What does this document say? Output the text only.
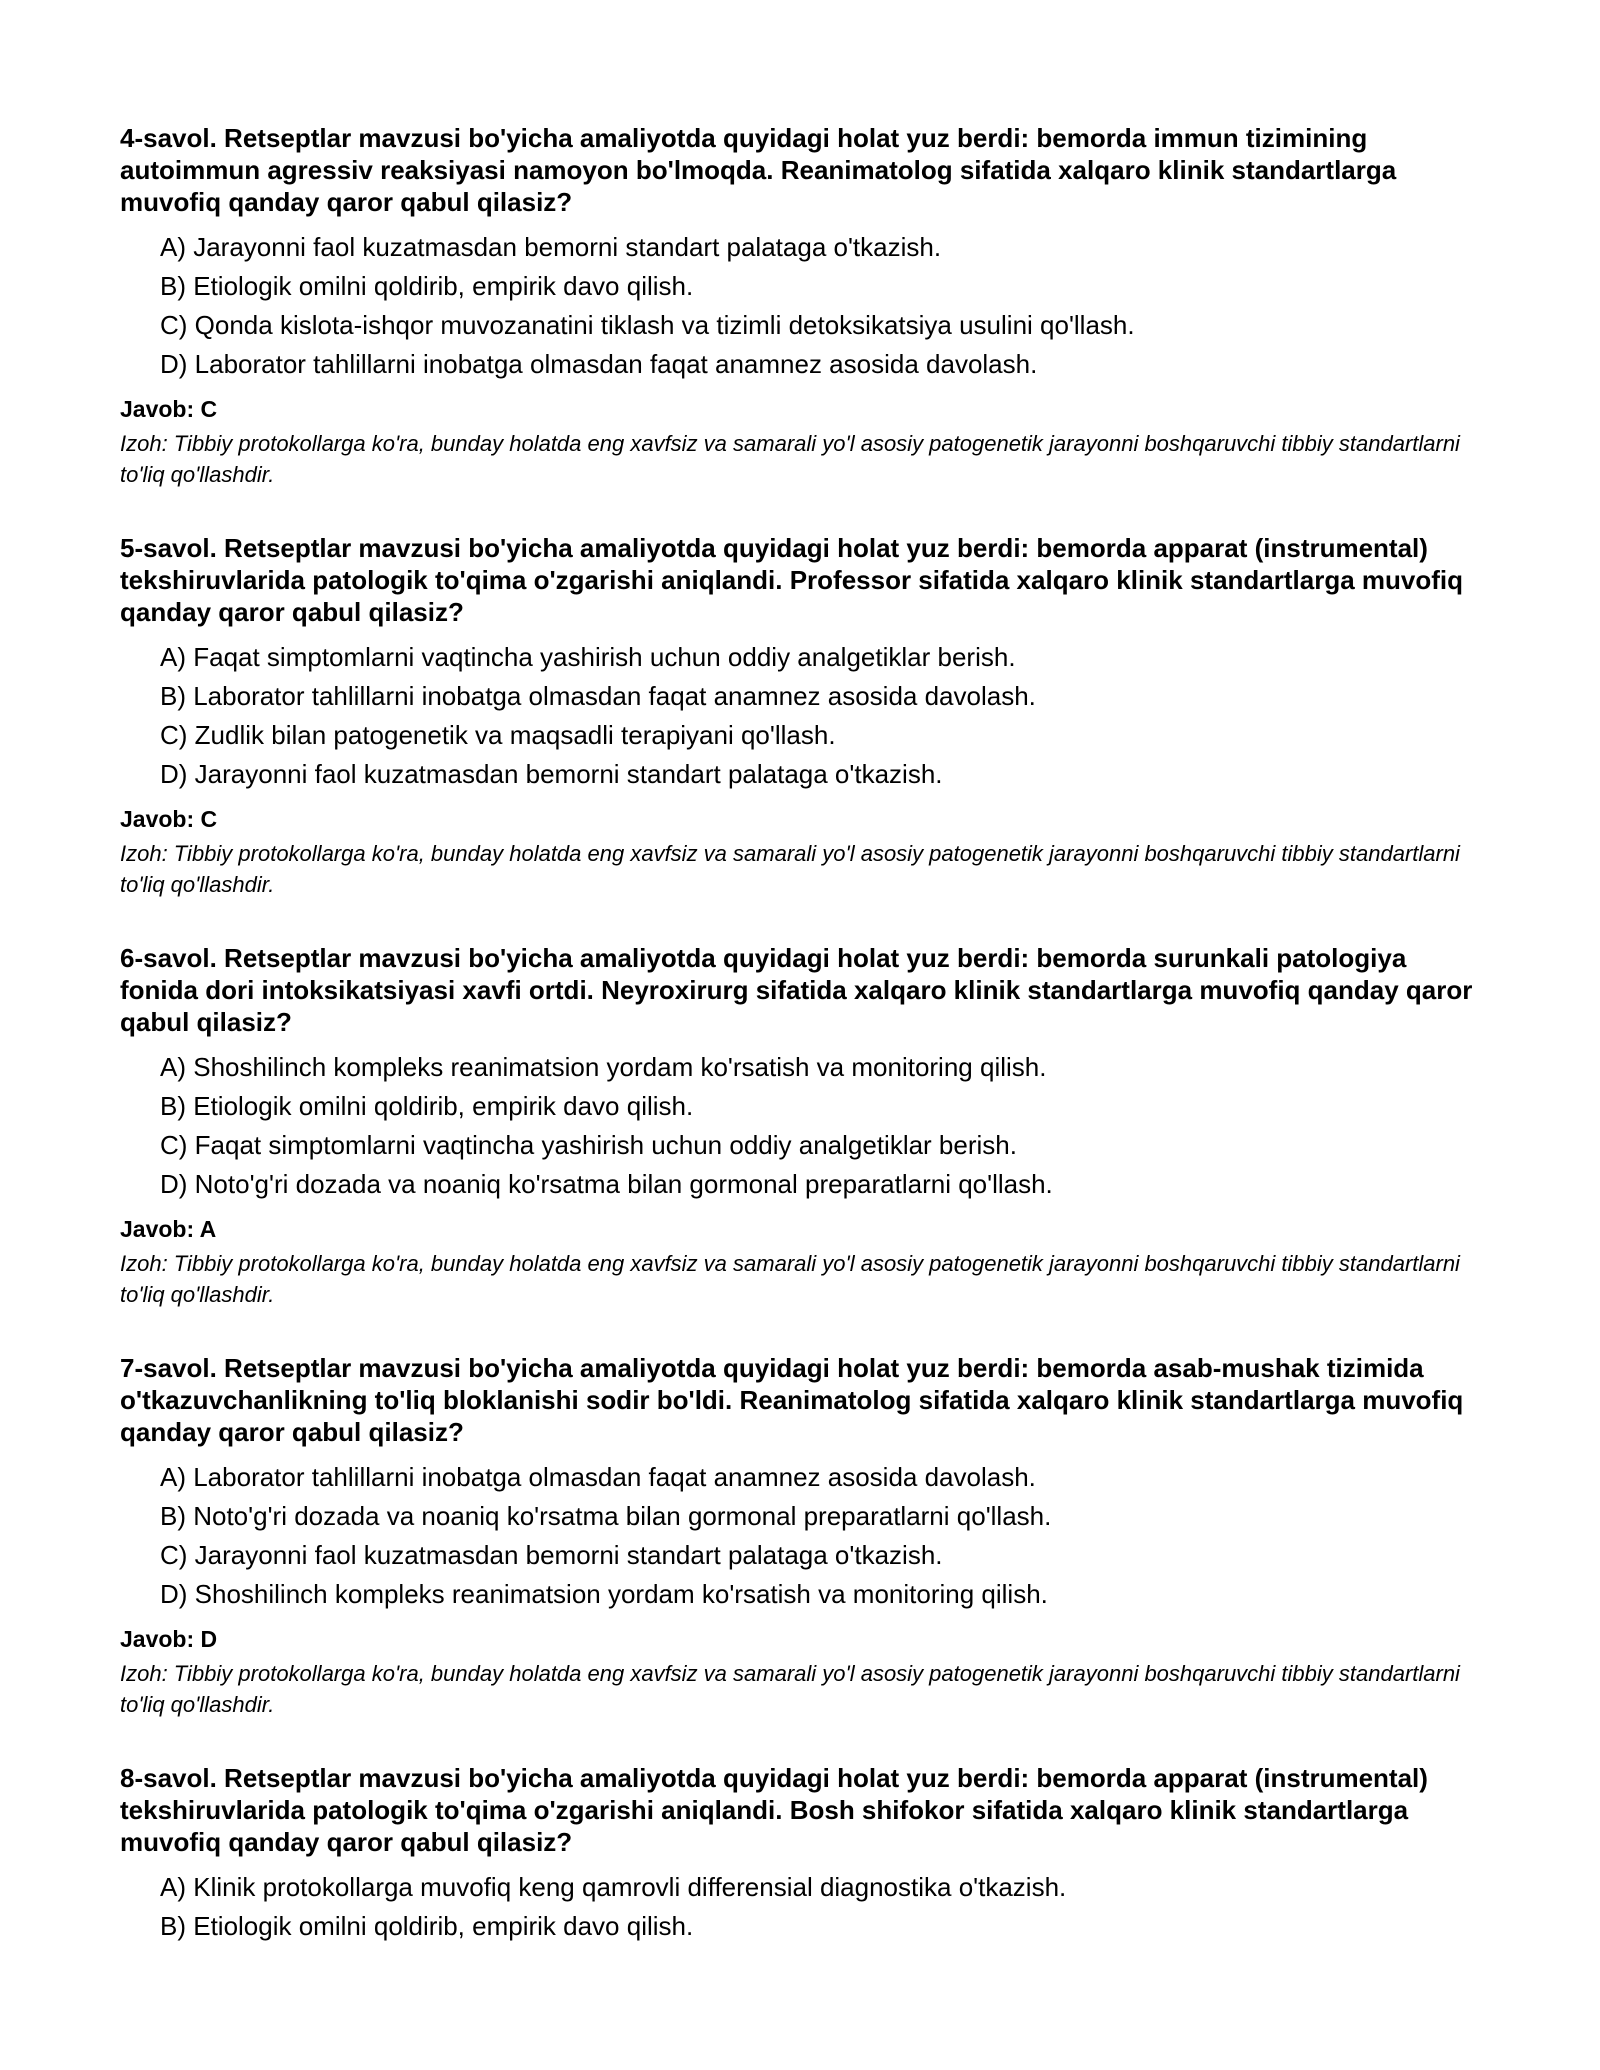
4-savol. Retseptlar mavzusi bo'yicha amaliyotda quyidagi holat yuz berdi: bemorda immun tizimining autoimmun agressiv reaksiyasi namoyon bo'lmoqda. Reanimatolog sifatida xalqaro klinik standartlarga muvofiq qanday qaror qabul qilasiz?

A) Jarayonni faol kuzatmasdan bemorni standart palataga o'tkazish.
B) Etiologik omilni qoldirib, empirik davo qilish.
C) Qonda kislota-ishqor muvozanatini tiklash va tizimli detoksikatsiya usulini qo'llash.
D) Laborator tahlillarni inobatga olmasdan faqat anamnez asosida davolash.

Javob: C

Izoh: Tibbiy protokollarga ko'ra, bunday holatda eng xavfsiz va samarali yo'l asosiy patogenetik jarayonni boshqaruvchi tibbiy standartlarni to'liq qo'llashdir.

5-savol. Retseptlar mavzusi bo'yicha amaliyotda quyidagi holat yuz berdi: bemorda apparat (instrumental) tekshiruvlarida patologik to'qima o'zgarishi aniqlandi. Professor sifatida xalqaro klinik standartlarga muvofiq qanday qaror qabul qilasiz?

A) Faqat simptomlarni vaqtincha yashirish uchun oddiy analgetiklar berish.
B) Laborator tahlillarni inobatga olmasdan faqat anamnez asosida davolash.
C) Zudlik bilan patogenetik va maqsadli terapiyani qo'llash.
D) Jarayonni faol kuzatmasdan bemorni standart palataga o'tkazish.

Javob: C

Izoh: Tibbiy protokollarga ko'ra, bunday holatda eng xavfsiz va samarali yo'l asosiy patogenetik jarayonni boshqaruvchi tibbiy standartlarni to'liq qo'llashdir.

6-savol. Retseptlar mavzusi bo'yicha amaliyotda quyidagi holat yuz berdi: bemorda surunkali patologiya fonida dori intoksikatsiyasi xavfi ortdi. Neyroxirurg sifatida xalqaro klinik standartlarga muvofiq qanday qaror qabul qilasiz?

A) Shoshilinch kompleks reanimatsion yordam ko'rsatish va monitoring qilish.
B) Etiologik omilni qoldirib, empirik davo qilish.
C) Faqat simptomlarni vaqtincha yashirish uchun oddiy analgetiklar berish.
D) Noto'g'ri dozada va noaniq ko'rsatma bilan gormonal preparatlarni qo'llash.

Javob: A

Izoh: Tibbiy protokollarga ko'ra, bunday holatda eng xavfsiz va samarali yo'l asosiy patogenetik jarayonni boshqaruvchi tibbiy standartlarni to'liq qo'llashdir.

7-savol. Retseptlar mavzusi bo'yicha amaliyotda quyidagi holat yuz berdi: bemorda asab-mushak tizimida o'tkazuvchanlikning to'liq bloklanishi sodir bo'ldi. Reanimatolog sifatida xalqaro klinik standartlarga muvofiq qanday qaror qabul qilasiz?

A) Laborator tahlillarni inobatga olmasdan faqat anamnez asosida davolash.
B) Noto'g'ri dozada va noaniq ko'rsatma bilan gormonal preparatlarni qo'llash.
C) Jarayonni faol kuzatmasdan bemorni standart palataga o'tkazish.
D) Shoshilinch kompleks reanimatsion yordam ko'rsatish va monitoring qilish.

Javob: D

Izoh: Tibbiy protokollarga ko'ra, bunday holatda eng xavfsiz va samarali yo'l asosiy patogenetik jarayonni boshqaruvchi tibbiy standartlarni to'liq qo'llashdir.

8-savol. Retseptlar mavzusi bo'yicha amaliyotda quyidagi holat yuz berdi: bemorda apparat (instrumental) tekshiruvlarida patologik to'qima o'zgarishi aniqlandi. Bosh shifokor sifatida xalqaro klinik standartlarga muvofiq qanday qaror qabul qilasiz?

A) Klinik protokollarga muvofiq keng qamrovli differensial diagnostika o'tkazish.
B) Etiologik omilni qoldirib, empirik davo qilish.
